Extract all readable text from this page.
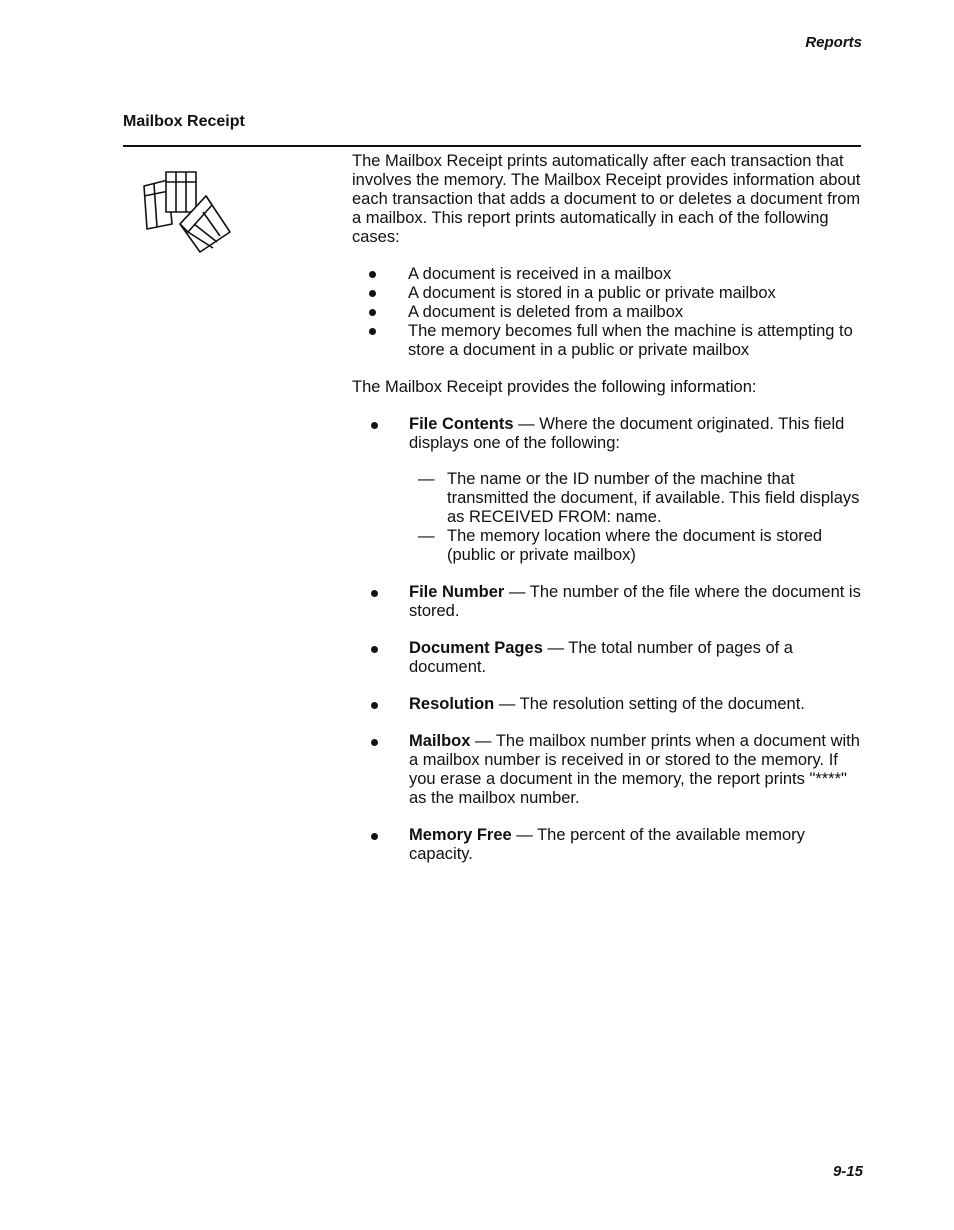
Reports
Mailbox Receipt

The Mailbox Receipt prints automatically after each transaction that involves the memory. The Mailbox Receipt provides information about each transaction that adds a document to or deletes a document from a mailbox. This report prints automatically in each of the following cases:

A document is received in a mailbox
A document is stored in a public or private mailbox
A document is deleted from a mailbox
The memory becomes full when the machine is attempting to store a document in a public or private mailbox

The Mailbox Receipt provides the following information:

File Contents — Where the document originated. This field displays one of the following:
— The name or the ID number of the machine that transmitted the document, if available. This field displays as RECEIVED FROM: name.
— The memory location where the document is stored (public or private mailbox)
File Number — The number of the file where the document is stored.
Document Pages — The total number of pages of a document.
Resolution — The resolution setting of the document.
Mailbox — The mailbox number prints when a document with a mailbox number is received in or stored to the memory. If you erase a document in the memory, the report prints "****" as the mailbox number.
Memory Free — The percent of the available memory capacity.
9-15
